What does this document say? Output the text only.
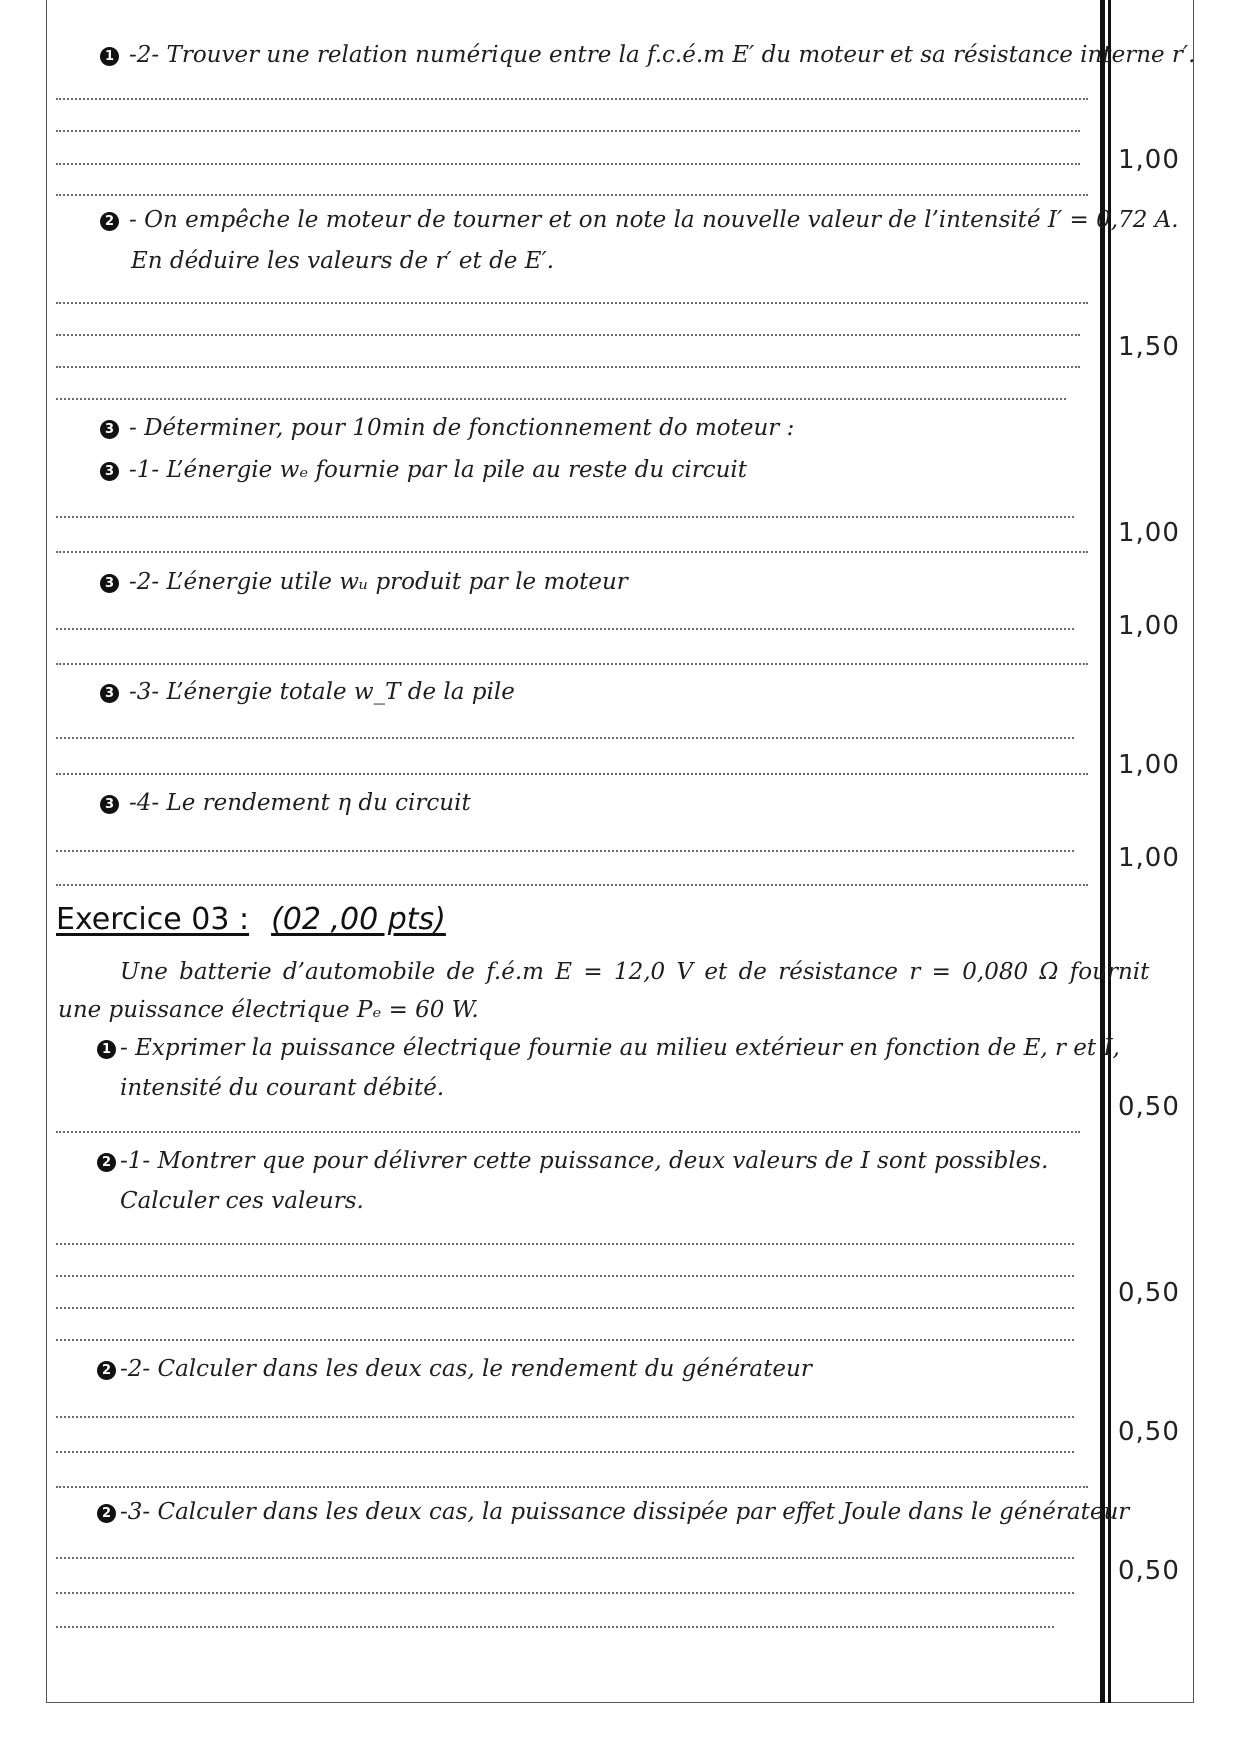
1 -2- Trouver une relation numérique entre la f.c.é.m E′ du moteur et sa résistance interne r′.
2 - On empêche le moteur de tourner et on note la nouvelle valeur de l’intensité I′ = 0,72 A.
En déduire les valeurs de r′ et de E′.
3 - Déterminer, pour 10min de fonctionnement do moteur :
3 -1- L’énergie wₑ fournie par la pile au reste du circuit
3 -2- L’énergie utile wᵤ produit par le moteur
3 -3- L’énergie totale w_T de la pile
3 -4- Le rendement η du circuit
Exercice 03 : (02 ,00 pts)
Une batterie d’automobile de f.é.m E = 12,0 V et de résistance r = 0,080 Ω fournit
une puissance électrique Pₑ = 60 W.
1 - Exprimer la puissance électrique fournie au milieu extérieur en fonction de E, r et I,
intensité du courant débité.
2 -1- Montrer que pour délivrer cette puissance, deux valeurs de I sont possibles.
Calculer ces valeurs.
2 -2- Calculer dans les deux cas, le rendement du générateur
2 -3- Calculer dans les deux cas, la puissance dissipée par effet Joule dans le générateur
1,00
1,50
1,00
1,00
1,00
1,00
0,50
0,50
0,50
0,50
